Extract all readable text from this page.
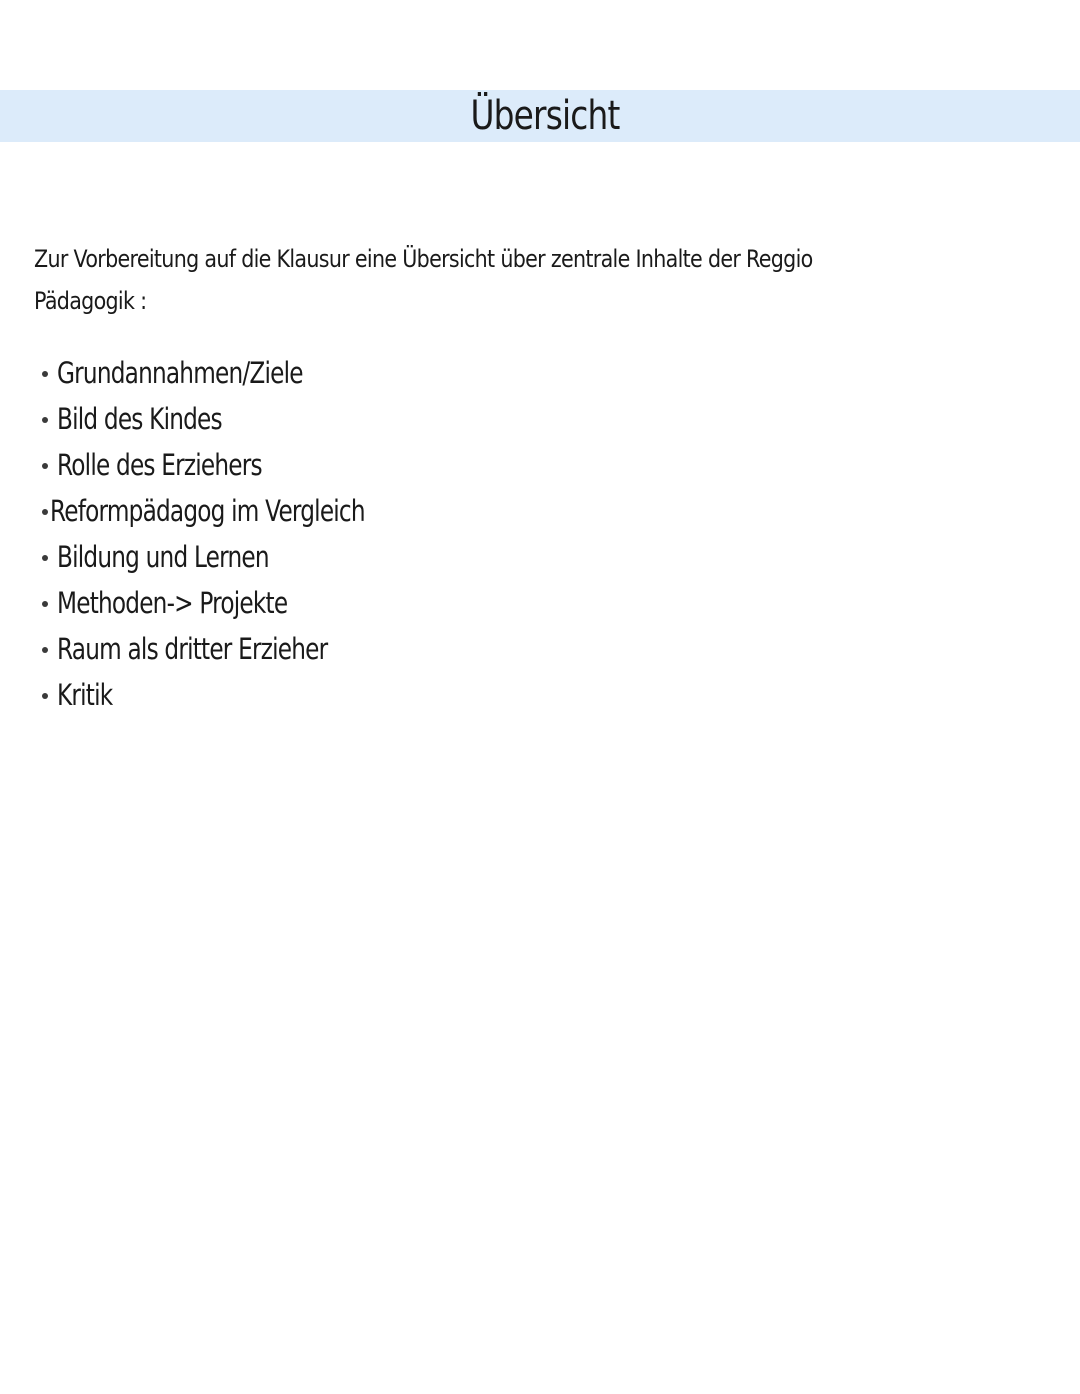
Übersicht
Zur Vorbereitung auf die Klausur eine Übersicht über zentrale Inhalte der Reggio
Pädagogik :
Grundannahmen/Ziele
Bild des Kindes
Rolle des Erziehers
Reformpädagog im Vergleich
Bildung und Lernen
Methoden-> Projekte
Raum als dritter Erzieher
Kritik
